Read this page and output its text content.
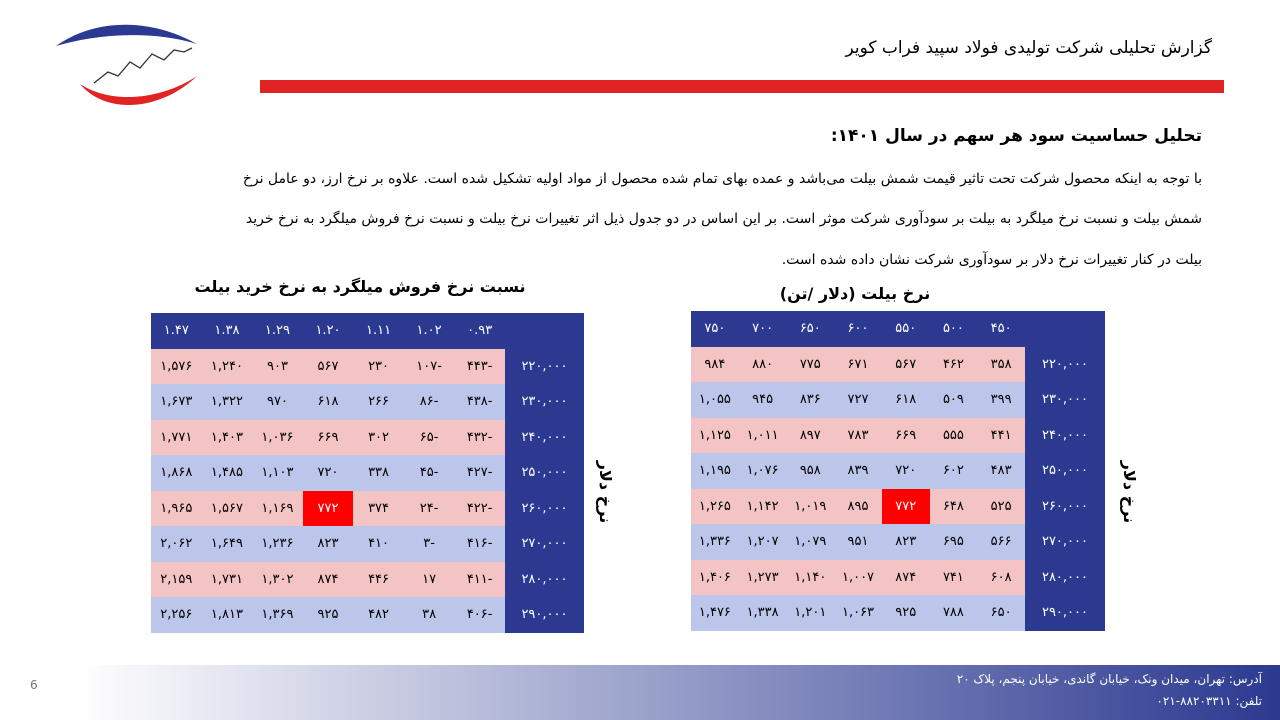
گزارش تحلیلی شرکت تولیدی فولاد سپید فراب کویر
تحلیل حساسیت سود هر سهم در سال ۱۴۰۱:
با توجه به اینکه محصول شرکت تحت تاثیر قیمت شمش بیلت می‌باشد و عمده بهای تمام شده محصول از مواد اولیه تشکیل شده است. علاوه بر نرخ ارز، دو عامل نرخ
شمش بیلت و نسبت نرخ میلگرد به بیلت بر سودآوری شرکت موثر است. بر این اساس در دو جدول ذیل اثر تغییرات نرخ بیلت و نسبت نرخ فروش میلگرد به نرخ خرید
بیلت در کنار تغییرات نرخ دلار بر سودآوری شرکت نشان داده شده است.
نسبت نرخ فروش میلگرد به نرخ خرید بیلت	نرخ بیلت (دلار /تن)
	۰.۹۳	۱.۰۲	۱.۱۱	۱.۲۰	۱.۲۹	۱.۳۸	۱.۴۷
۲۲۰,۰۰۰	-۴۴۳	-۱۰۷	۲۳۰	۵۶۷	۹۰۳	۱,۲۴۰	۱,۵۷۶
۲۳۰,۰۰۰	-۴۳۸	-۸۶	۲۶۶	۶۱۸	۹۷۰	۱,۳۲۲	۱,۶۷۳
۲۴۰,۰۰۰	-۴۳۲	-۶۵	۳۰۲	۶۶۹	۱,۰۳۶	۱,۴۰۳	۱,۷۷۱
۲۵۰,۰۰۰	-۴۲۷	-۴۵	۳۳۸	۷۲۰	۱,۱۰۳	۱,۴۸۵	۱,۸۶۸
۲۶۰,۰۰۰	-۴۲۲	-۲۴	۳۷۴	۷۷۲	۱,۱۶۹	۱,۵۶۷	۱,۹۶۵
۲۷۰,۰۰۰	-۴۱۶	-۳	۴۱۰	۸۲۳	۱,۲۳۶	۱,۶۴۹	۲,۰۶۲
۲۸۰,۰۰۰	-۴۱۱	۱۷	۴۴۶	۸۷۴	۱,۳۰۲	۱,۷۳۱	۲,۱۵۹
۲۹۰,۰۰۰	-۴۰۶	۳۸	۴۸۲	۹۲۵	۱,۳۶۹	۱,۸۱۳	۲,۲۵۶
	۴۵۰	۵۰۰	۵۵۰	۶۰۰	۶۵۰	۷۰۰	۷۵۰
۲۲۰,۰۰۰	۳۵۸	۴۶۲	۵۶۷	۶۷۱	۷۷۵	۸۸۰	۹۸۴
۲۳۰,۰۰۰	۳۹۹	۵۰۹	۶۱۸	۷۲۷	۸۳۶	۹۴۵	۱,۰۵۵
۲۴۰,۰۰۰	۴۴۱	۵۵۵	۶۶۹	۷۸۳	۸۹۷	۱,۰۱۱	۱,۱۲۵
۲۵۰,۰۰۰	۴۸۳	۶۰۲	۷۲۰	۸۳۹	۹۵۸	۱,۰۷۶	۱,۱۹۵
۲۶۰,۰۰۰	۵۲۵	۶۴۸	۷۷۲	۸۹۵	۱,۰۱۹	۱,۱۴۲	۱,۲۶۵
۲۷۰,۰۰۰	۵۶۶	۶۹۵	۸۲۳	۹۵۱	۱,۰۷۹	۱,۲۰۷	۱,۳۳۶
۲۸۰,۰۰۰	۶۰۸	۷۴۱	۸۷۴	۱,۰۰۷	۱,۱۴۰	۱,۲۷۳	۱,۴۰۶
۲۹۰,۰۰۰	۶۵۰	۷۸۸	۹۲۵	۱,۰۶۳	۱,۲۰۱	۱,۳۳۸	۱,۴۷۶
نرخ دلار	نرخ دلار
6	آدرس: تهران، میدان ونک، خیابان گاندی، خیابان پنجم، پلاک ۲۰
تلفن: ۸۸۲۰۳۳۱۱-۰۲۱
